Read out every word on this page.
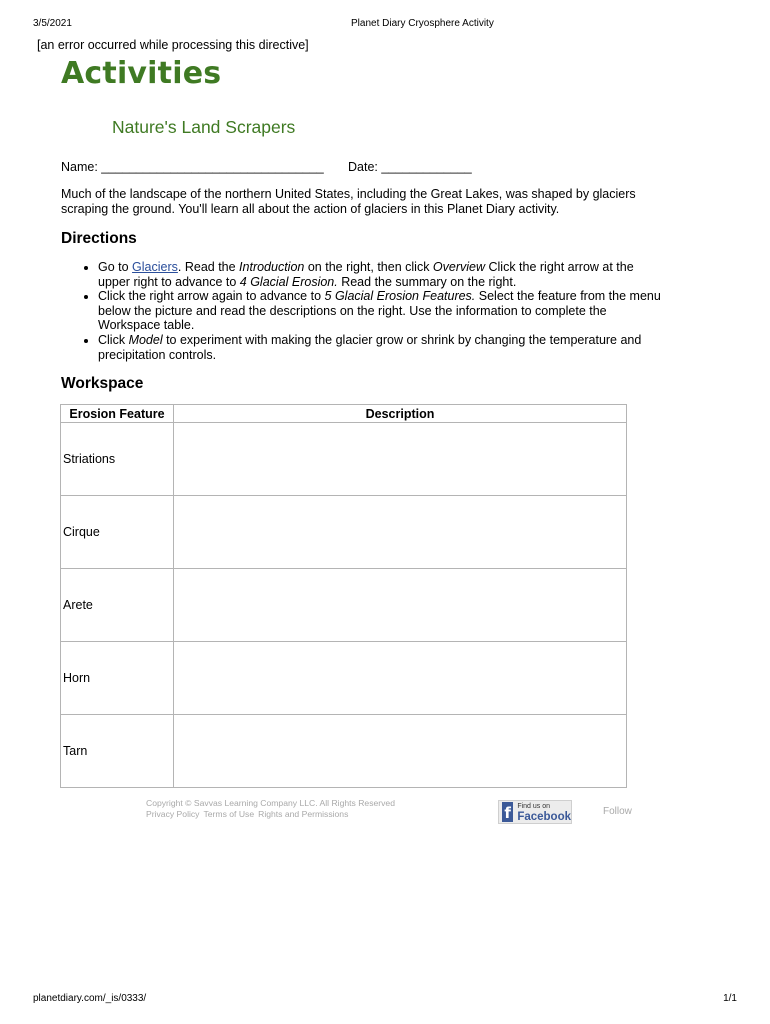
3/5/2021	Planet Diary Cryosphere Activity
[an error occurred while processing this directive]
Activities
Nature's Land Scrapers
Name: ________________________________ Date: _____________

Much of the landscape of the northern United States, including the Great Lakes, was shaped by glaciers scraping the ground. You'll learn all about the action of glaciers in this Planet Diary activity.

Directions
• Go to Glaciers. Read the Introduction on the right, then click Overview Click the right arrow at the upper right to advance to 4 Glacial Erosion. Read the summary on the right.
• Click the right arrow again to advance to 5 Glacial Erosion Features. Select the feature from the menu below the picture and read the descriptions on the right. Use the information to complete the Workspace table.
• Click Model to experiment with making the glacier grow or shrink by changing the temperature and precipitation controls.
Workspace
Erosion Feature	Description
Striations	
Cirque	
Arete	
Horn	
Tarn	
Copyright © Savvas Learning Company LLC. All Rights Reserved
Privacy Policy Terms of Use Rights and Permissions	f Find us on
Facebook	Follow
planetdiary.com/_is/0333/	1/1
